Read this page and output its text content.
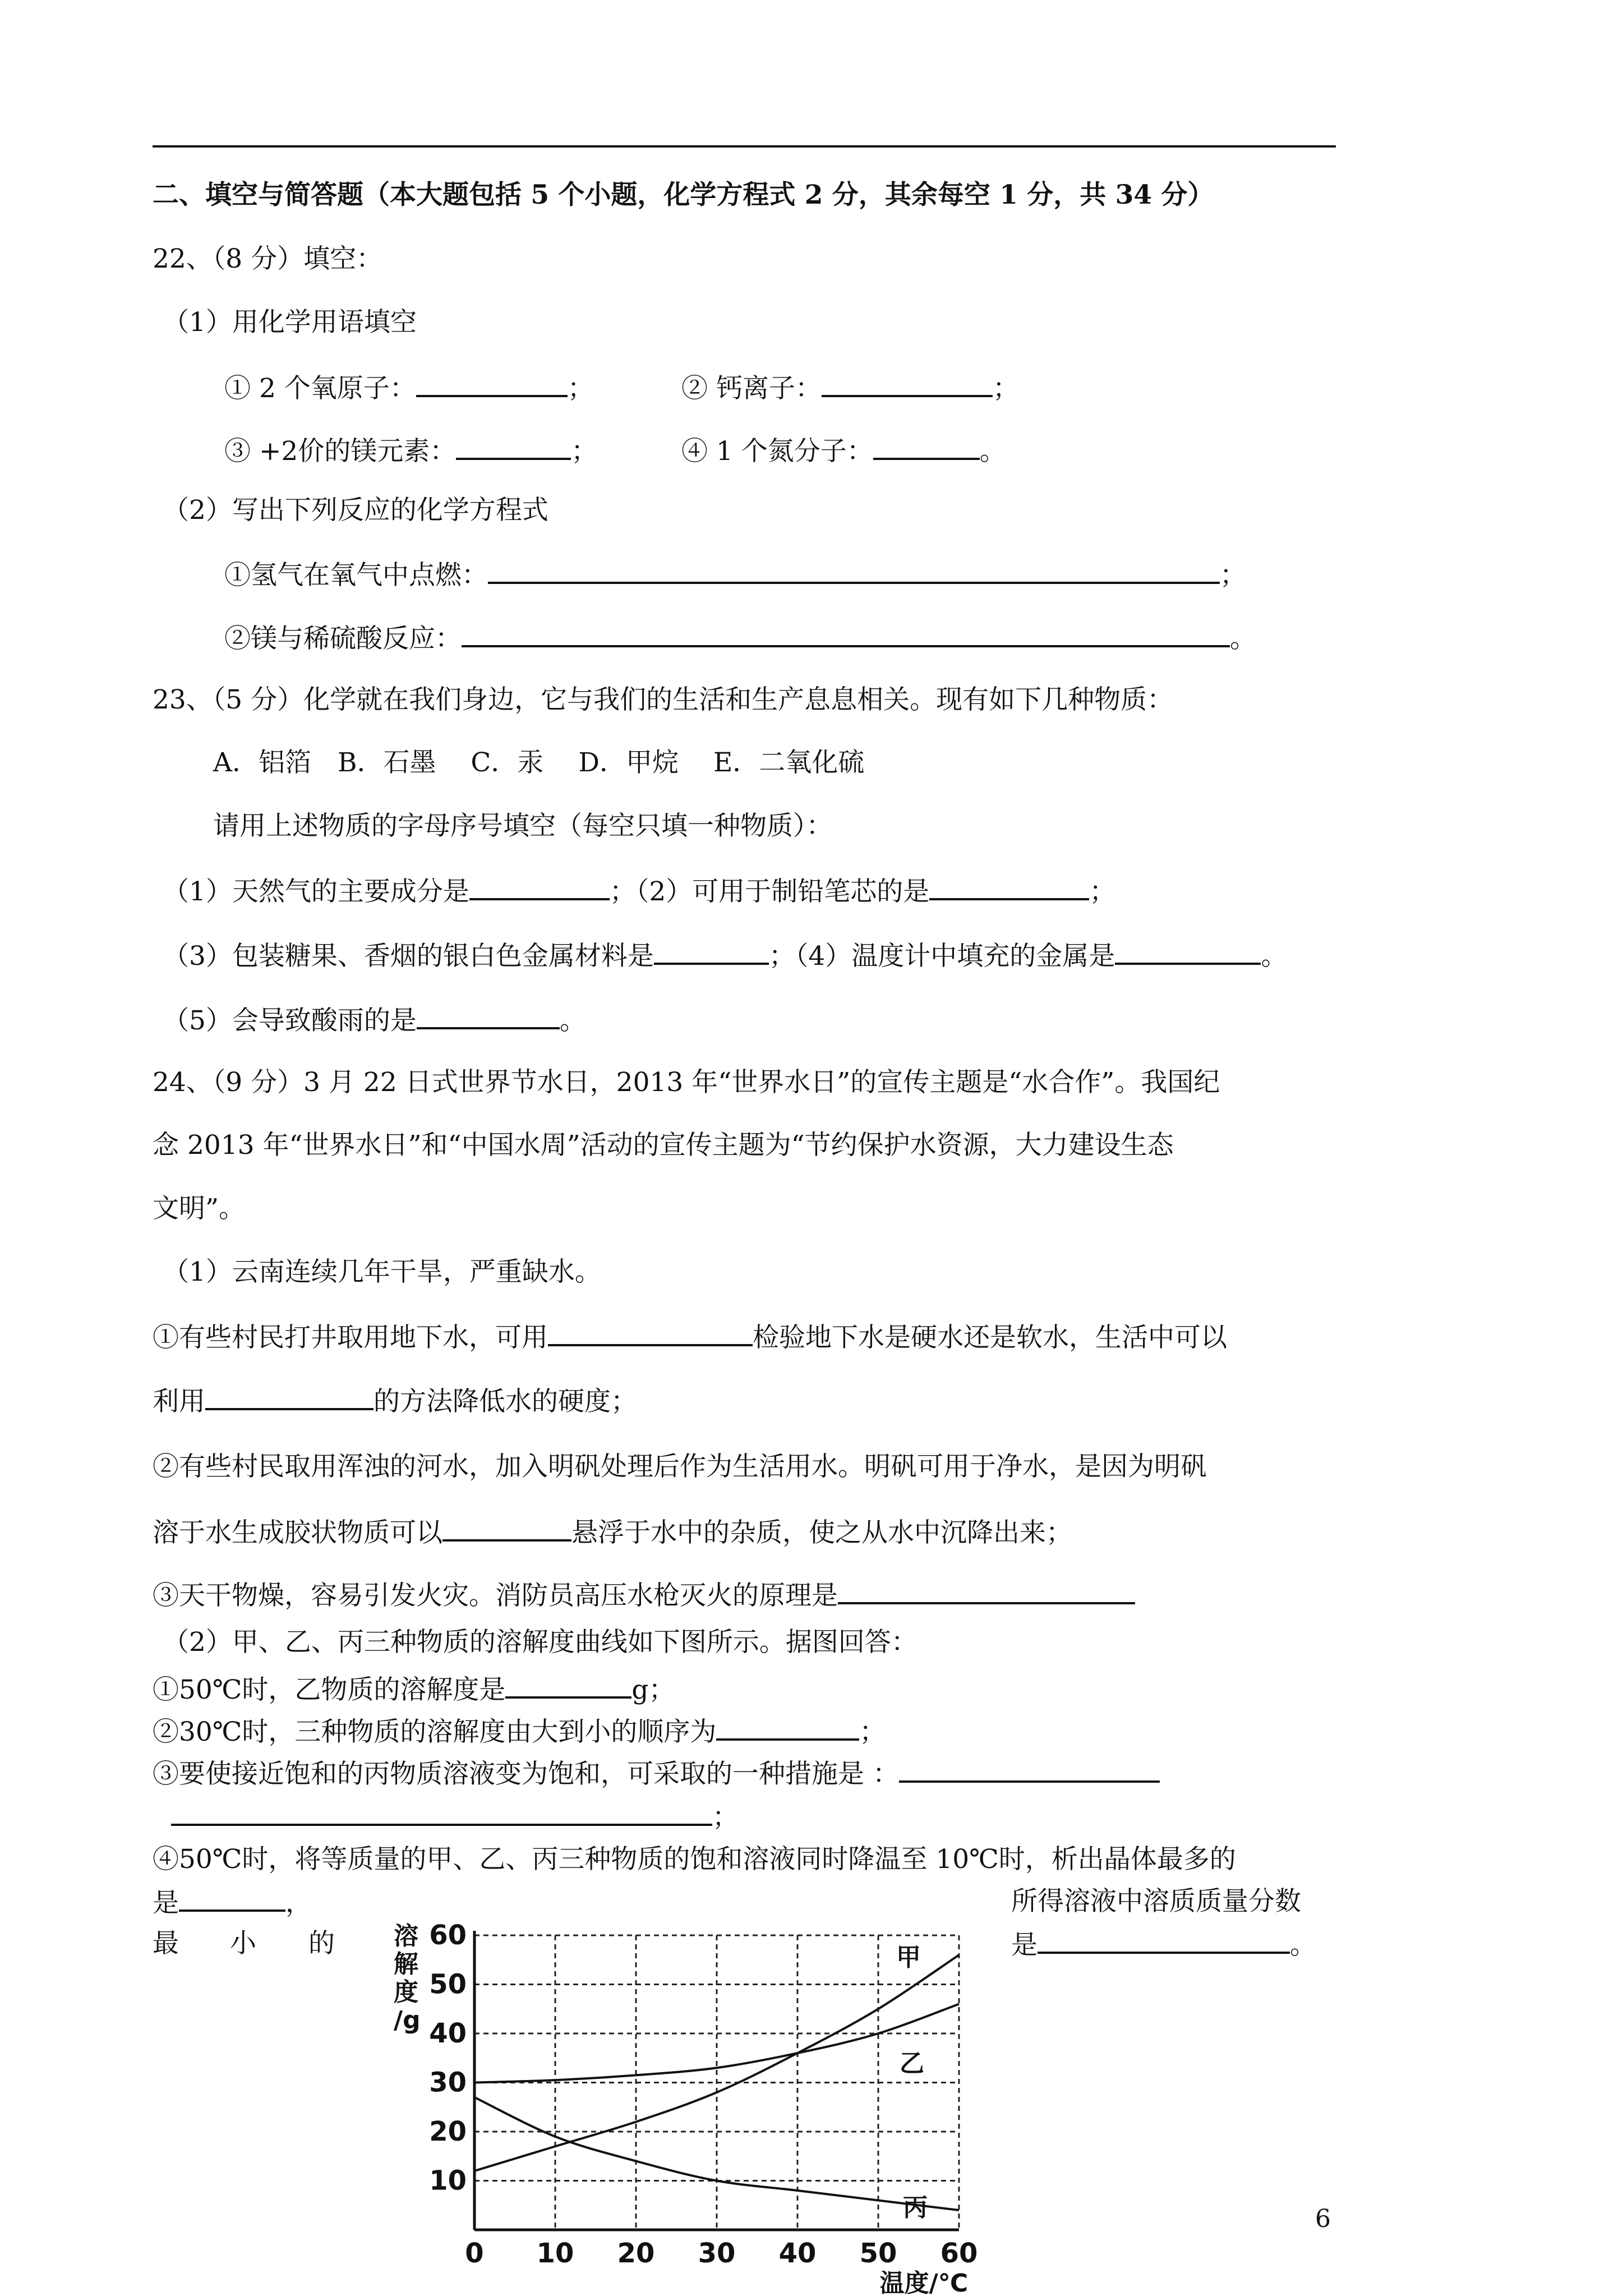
二、填空与简答题（本大题包括 5 个小题，化学方程式 2 分，其余每空 1 分，共 34 分）
22、（8 分）填空：
（1）用化学用语填空
① 2 个氧原子：	；	② 钙离子：	；
③ +2价的镁元素：	；	④ 1 个氮分子：	。
（2）写出下列反应的化学方程式
①氢气在氧气中点燃：	；
②镁与稀硫酸反应：	。
23、（5 分）化学就在我们身边，它与我们的生活和生产息息相关。现有如下几种物质：
A．铝箔　B．石墨　 C．汞　 D．甲烷　 E．二氧化硫
请用上述物质的字母序号填空（每空只填一种物质）：
（1）天然气的主要成分是	；（2）可用于制铅笔芯的是	；
（3）包装糖果、香烟的银白色金属材料是	；（4）温度计中填充的金属是	。
（5）会导致酸雨的是	。
24、（9 分）3 月 22 日式世界节水日，2013 年“世界水日”的宣传主题是“水合作”。我国纪
念 2013 年“世界水日”和“中国水周”活动的宣传主题为“节约保护水资源，大力建设生态
文明”。
（1）云南连续几年干旱，严重缺水。
①有些村民打井取用地下水，可用	检验地下水是硬水还是软水，生活中可以
利用	的方法降低水的硬度；
②有些村民取用浑浊的河水，加入明矾处理后作为生活用水。明矾可用于净水，是因为明矾
溶于水生成胶状物质可以	悬浮于水中的杂质，使之从水中沉降出来；
③天干物燥，容易引发火灾。消防员高压水枪灭火的原理是
（2）甲、乙、丙三种物质的溶解度曲线如下图所示。据图回答：
①50℃时，乙物质的溶解度是	g；
②30℃时，三种物质的溶解度由大到小的顺序为	；
③要使接近饱和的丙物质溶液变为饱和，可采取的一种措施是 ：
；
④50℃时，将等质量的甲、乙、丙三种物质的饱和溶液同时降温至 10℃时，析出晶体最多的
是	，	所得溶液中溶质质量分数
最 小 的	是	。
0 10 20 30 40 50 60
10
20
30
40
50
60
溶
解
度
/g
温度/℃
甲
乙
丙	6
